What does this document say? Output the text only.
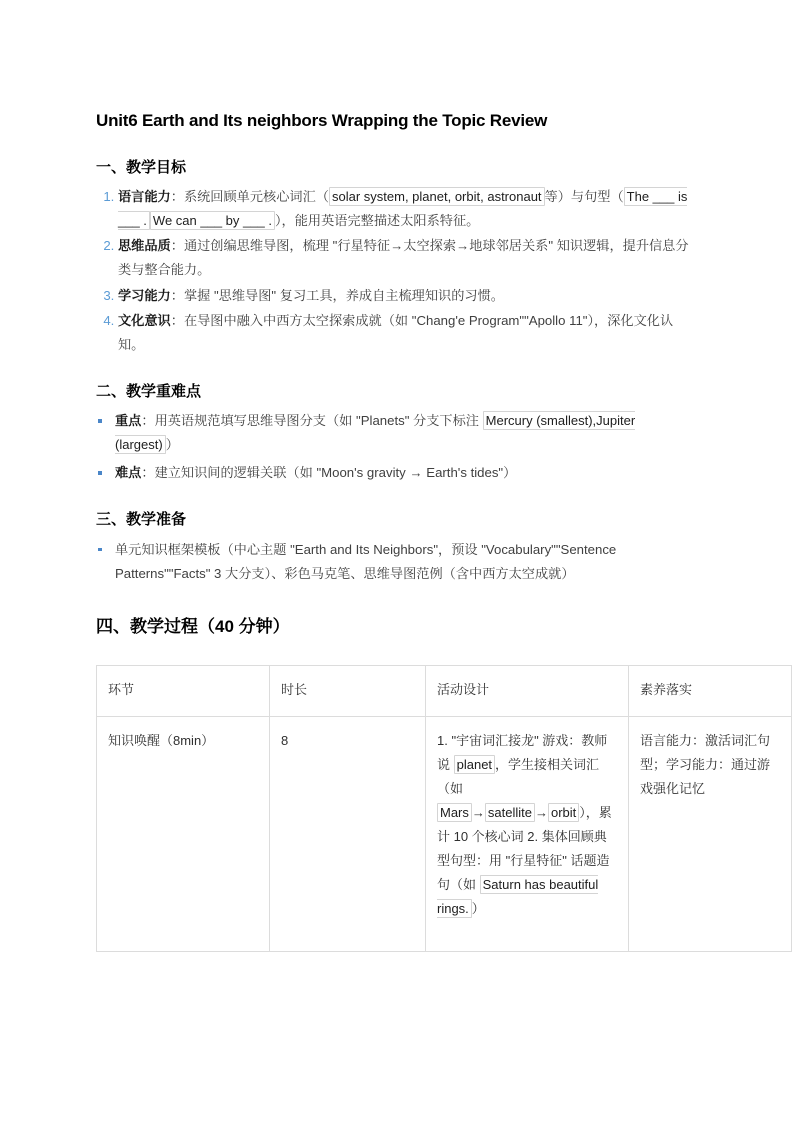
Unit6 Earth and Its neighbors Wrapping the Topic Review
一、教学目标
1. 语言能力：系统回顾单元核心词汇（ solar system, planet, orbit, astronaut 等）与句型（ The ___ is ___ . We can ___ by ___ . ），能用英语完整描述太阳系特征。
2. 思维品质：通过创编思维导图，梳理 "行星特征→太空探索→地球邻居关系" 知识逻辑，提升信息分类与整合能力。
3. 学习能力：掌握 "思维导图" 复习工具，养成自主梳理知识的习惯。
4. 文化意识：在导图中融入中西方太空探索成就（如 "Chang'e Program""Apollo 11"），深化文化认知。
二、教学重难点
重点：用英语规范填写思维导图分支（如 "Planets" 分支下标注 Mercury (smallest),Jupiter (largest) ）
难点：建立知识间的逻辑关联（如 "Moon's gravity → Earth's tides"）
三、教学准备
单元知识框架模板（中心主题 "Earth and Its Neighbors"，预设 "Vocabulary""Sentence Patterns""Facts" 3 大分支）、彩色马克笔、思维导图范例（含中西方太空成就）
四、教学过程（40 分钟）
环节	时长	活动设计	素养落实
知识唤醒（8min）	8	1. "宇宙词汇接龙" 游戏：教师说 planet ，学生接相关词汇（如 Mars → satellite → orbit ），累计 10 个核心词 2. 集体回顾典型句型：用 "行星特征" 话题造句（如 Saturn has beautiful rings. ）	语言能力：激活词汇句型；学习能力：通过游戏强化记忆
